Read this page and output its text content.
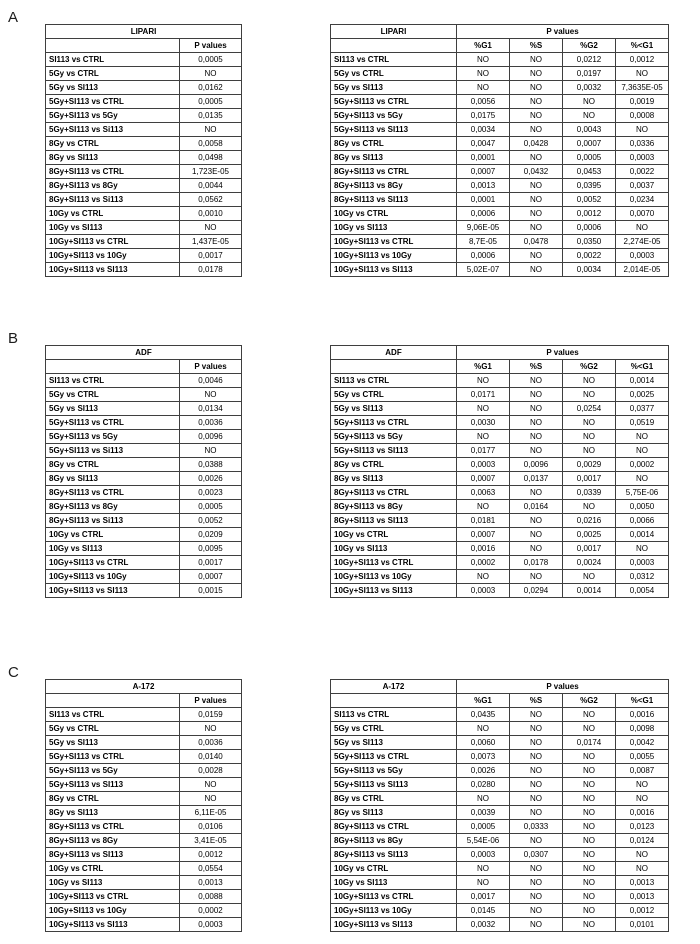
A
LIPARI	
	P values
SI113 vs CTRL	0,0005
5Gy vs CTRL	NO
5Gy vs SI113	0,0162
5Gy+SI113 vs CTRL	0,0005
5Gy+SI113 vs 5Gy	0,0135
5Gy+SI113 vs Si113	NO
8Gy vs CTRL	0,0058
8Gy vs SI113	0,0498
8Gy+SI113 vs CTRL	1,723E-05
8Gy+SI113 vs 8Gy	0,0044
8Gy+SI113 vs Si113	0,0562
10Gy vs CTRL	0,0010
10Gy vs SI113	NO
10Gy+SI113 vs CTRL	1,437E-05
10Gy+SI113 vs 10Gy	0,0017
10Gy+SI113 vs SI113	0,0178
LIPARI	P values			
	%G1	%S	%G2	%<G1
SI113 vs CTRL	NO	NO	0,0212	0,0012
5Gy vs CTRL	NO	NO	0,0197	NO
5Gy vs SI113	NO	NO	0,0032	7,3635E-05
5Gy+SI113 vs CTRL	0,0056	NO	NO	0,0019
5Gy+SI113 vs 5Gy	0,0175	NO	NO	0,0008
5Gy+SI113 vs SI113	0,0034	NO	0,0043	NO
8Gy vs CTRL	0,0047	0,0428	0,0007	0,0336
8Gy vs SI113	0,0001	NO	0,0005	0,0003
8Gy+SI113 vs CTRL	0,0007	0,0432	0,0453	0,0022
8Gy+SI113 vs 8Gy	0,0013	NO	0,0395	0,0037
8Gy+SI113 vs SI113	0,0001	NO	0,0052	0,0234
10Gy vs CTRL	0,0006	NO	0,0012	0,0070
10Gy vs SI113	9,06E-05	NO	0,0006	NO
10Gy+SI113 vs CTRL	8,7E-05	0,0478	0,0350	2,274E-05
10Gy+SI113 vs 10Gy	0,0006	NO	0,0022	0,0003
10Gy+SI113 vs SI113	5,02E-07	NO	0,0034	2,014E-05
B
ADF	
	P values
SI113 vs CTRL	0,0046
5Gy vs CTRL	NO
5Gy vs SI113	0,0134
5Gy+SI113 vs CTRL	0,0036
5Gy+SI113 vs 5Gy	0,0096
5Gy+SI113 vs Si113	NO
8Gy vs CTRL	0,0388
8Gy vs SI113	0,0026
8Gy+SI113 vs CTRL	0,0023
8Gy+SI113 vs 8Gy	0,0005
8Gy+SI113 vs Si113	0,0052
10Gy vs CTRL	0,0209
10Gy vs SI113	0,0095
10Gy+SI113 vs CTRL	0,0017
10Gy+SI113 vs 10Gy	0,0007
10Gy+SI113 vs SI113	0,0015
ADF	P values			
	%G1	%S	%G2	%<G1
SI113 vs CTRL	NO	NO	NO	0,0014
5Gy vs CTRL	0,0171	NO	NO	0,0025
5Gy vs SI113	NO	NO	0,0254	0,0377
5Gy+SI113 vs CTRL	0,0030	NO	NO	0,0519
5Gy+SI113 vs 5Gy	NO	NO	NO	NO
5Gy+SI113 vs SI113	0,0177	NO	NO	NO
8Gy vs CTRL	0,0003	0,0096	0,0029	0,0002
8Gy vs SI113	0,0007	0,0137	0,0017	NO
8Gy+SI113 vs CTRL	0,0063	NO	0,0339	5,75E-06
8Gy+SI113 vs 8Gy	NO	0,0164	NO	0,0050
8Gy+SI113 vs SI113	0,0181	NO	0,0216	0,0066
10Gy vs CTRL	0,0007	NO	0,0025	0,0014
10Gy vs SI113	0,0016	NO	0,0017	NO
10Gy+SI113 vs CTRL	0,0002	0,0178	0,0024	0,0003
10Gy+SI113 vs 10Gy	NO	NO	NO	0,0312
10Gy+SI113 vs SI113	0,0003	0,0294	0,0014	0,0054
C
A-172	
	P values
SI113 vs CTRL	0,0159
5Gy vs CTRL	NO
5Gy vs SI113	0,0036
5Gy+SI113 vs CTRL	0,0140
5Gy+SI113 vs 5Gy	0,0028
5Gy+SI113 vs SI113	NO
8Gy vs CTRL	NO
8Gy vs SI113	6,11E-05
8Gy+SI113 vs CTRL	0,0106
8Gy+SI113 vs 8Gy	3,41E-05
8Gy+SI113 vs SI113	0,0012
10Gy vs CTRL	0,0554
10Gy vs SI113	0,0013
10Gy+SI113 vs CTRL	0,0088
10Gy+SI113 vs 10Gy	0,0002
10Gy+SI113 vs SI113	0,0003
A-172	P values			
	%G1	%S	%G2	%<G1
SI113 vs CTRL	0,0435	NO	NO	0,0016
5Gy vs CTRL	NO	NO	NO	0,0098
5Gy vs SI113	0,0060	NO	0,0174	0,0042
5Gy+SI113 vs CTRL	0,0073	NO	NO	0,0055
5Gy+SI113 vs 5Gy	0,0026	NO	NO	0,0087
5Gy+SI113 vs SI113	0,0280	NO	NO	NO
8Gy vs CTRL	NO	NO	NO	NO
8Gy vs SI113	0,0039	NO	NO	0,0016
8Gy+SI113 vs CTRL	0,0005	0,0333	NO	0,0123
8Gy+SI113 vs 8Gy	5,54E-06	NO	NO	0,0124
8Gy+SI113 vs SI113	0,0003	0,0307	NO	NO
10Gy vs CTRL	NO	NO	NO	NO
10Gy vs SI113	NO	NO	NO	0,0013
10Gy+SI113 vs CTRL	0,0017	NO	NO	0,0013
10Gy+SI113 vs 10Gy	0,0145	NO	NO	0,0012
10Gy+SI113 vs SI113	0,0032	NO	NO	0,0101
